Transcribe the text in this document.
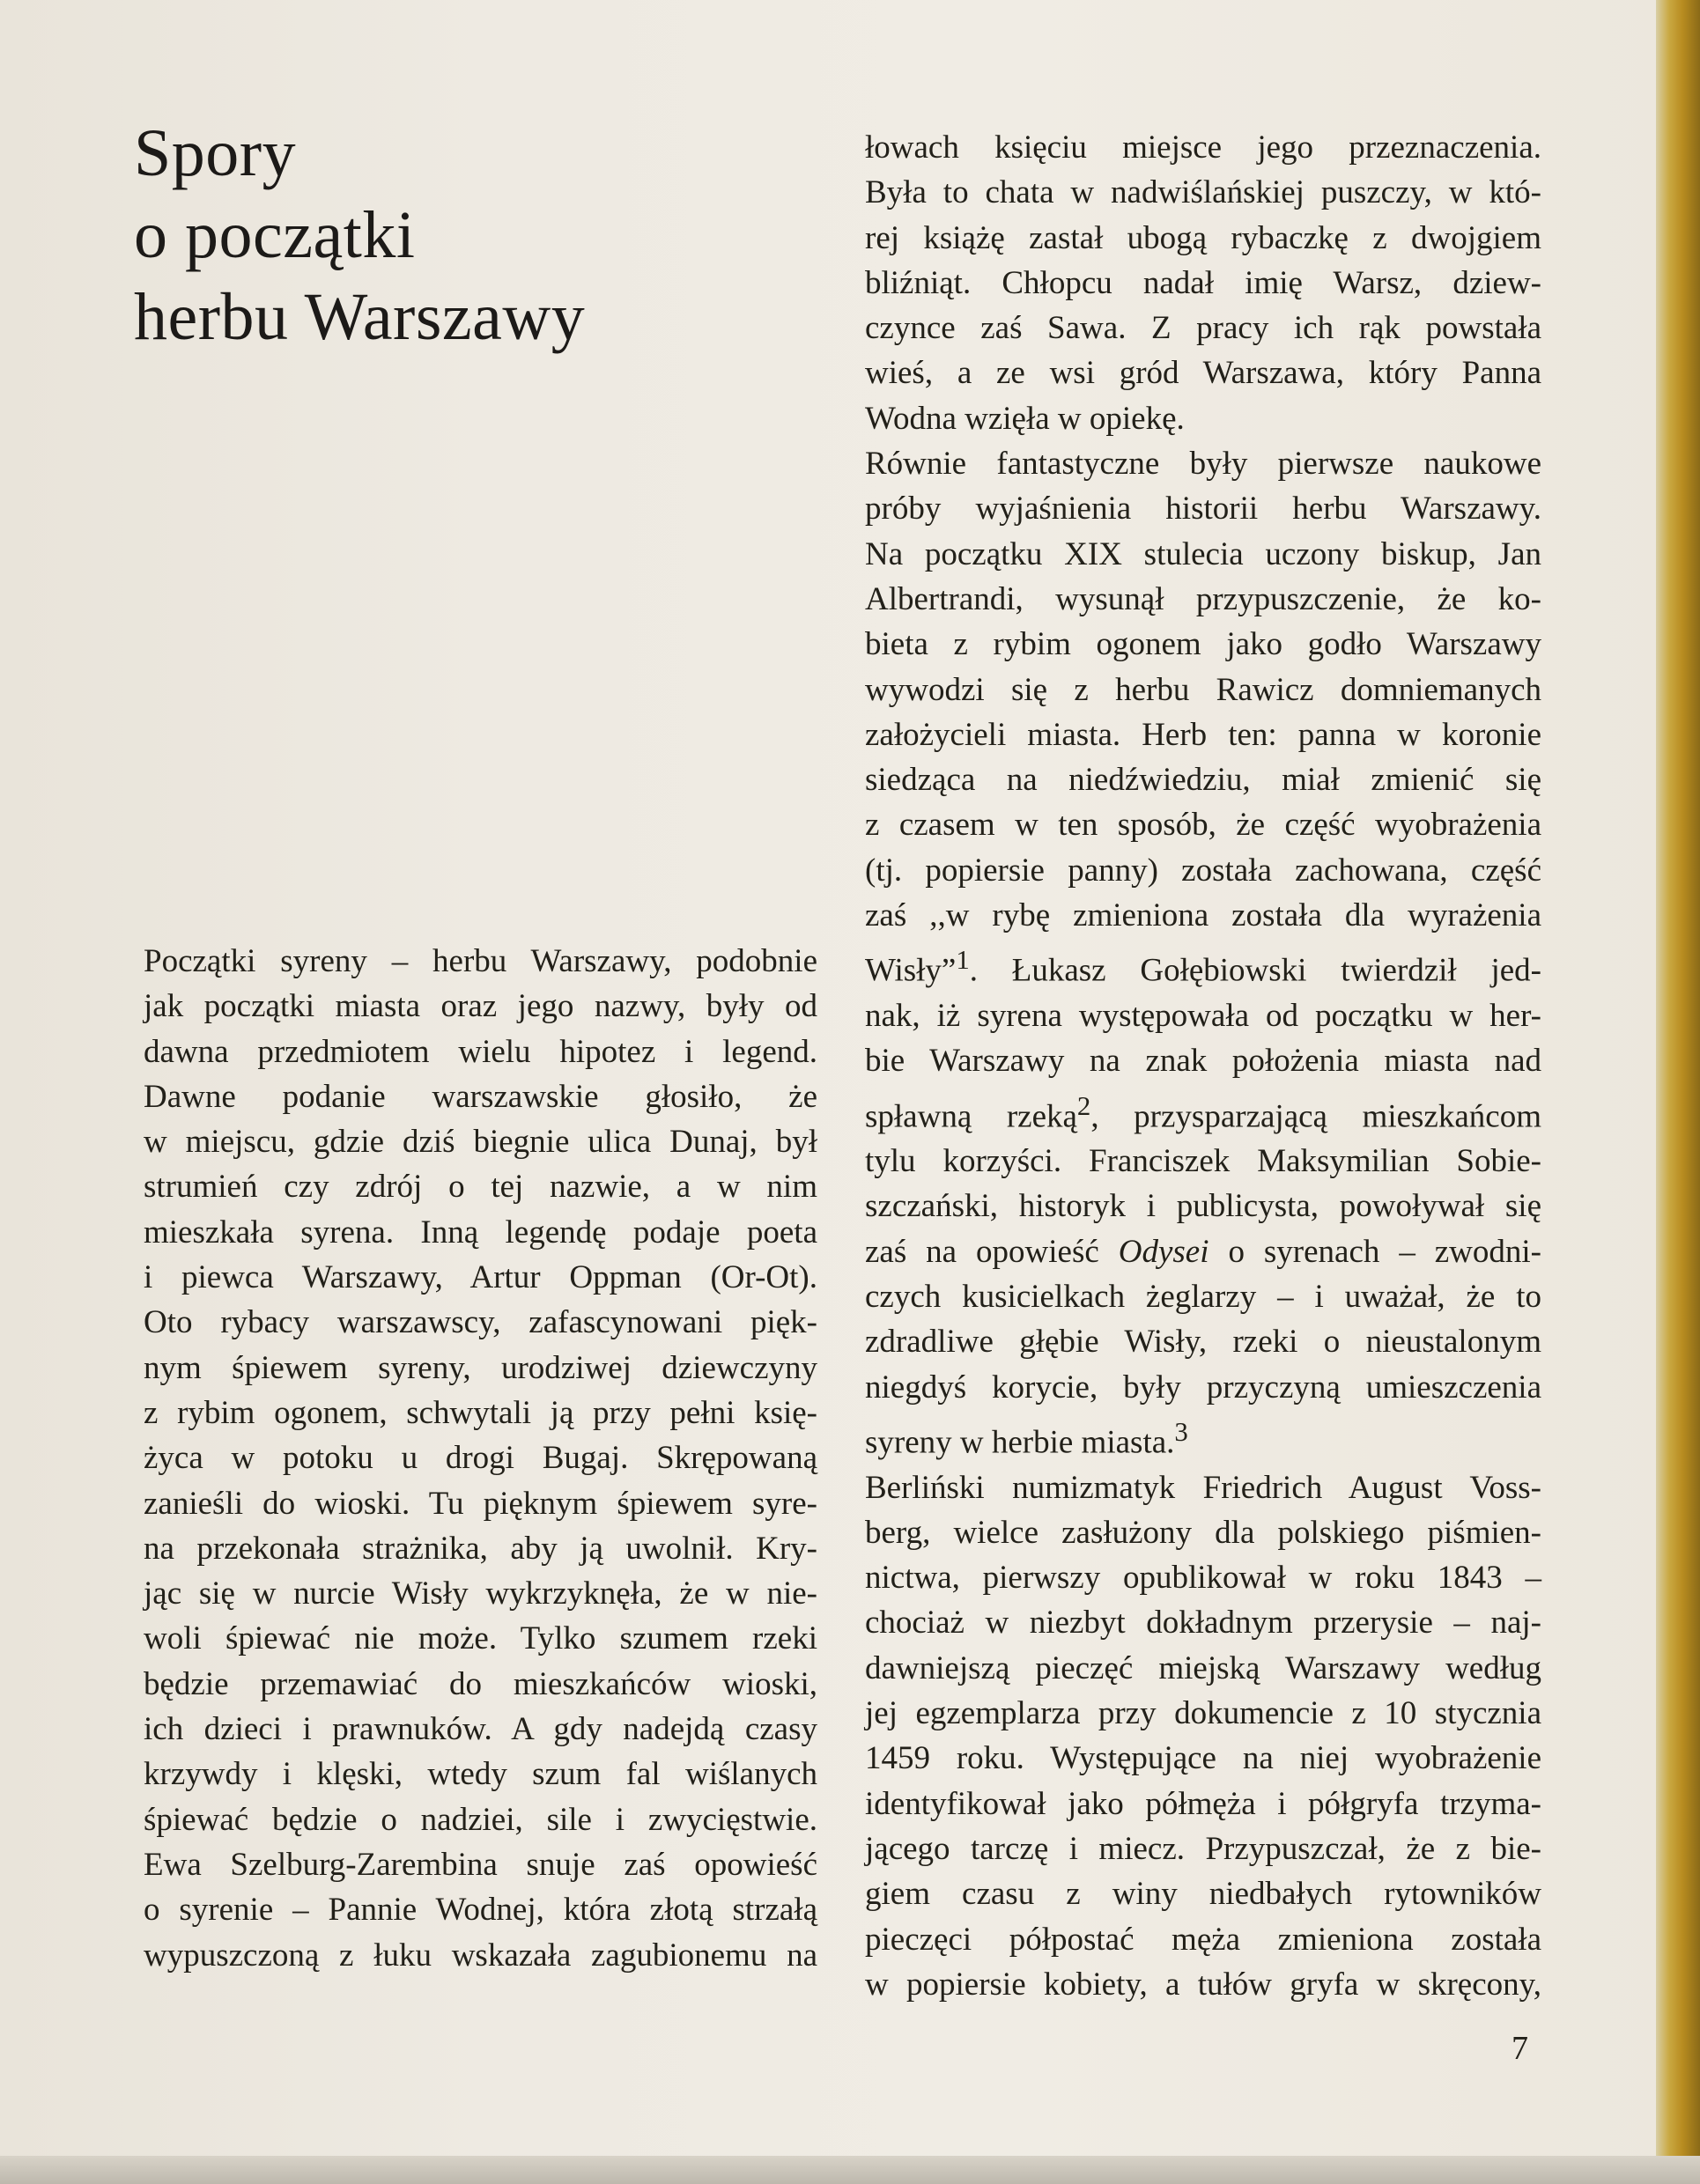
Spory
o początki
herbu Warszawy
Początki syreny – herbu Warszawy, podobnie
jak początki miasta oraz jego nazwy, były od
dawna przedmiotem wielu hipotez i legend.
Dawne podanie warszawskie głosiło, że
w miejscu, gdzie dziś biegnie ulica Dunaj, był
strumień czy zdrój o tej nazwie, a w nim
mieszkała syrena. Inną legendę podaje poeta
i piewca Warszawy, Artur Oppman (Or-Ot).
Oto rybacy warszawscy, zafascynowani pięk-
nym śpiewem syreny, urodziwej dziewczyny
z rybim ogonem, schwytali ją przy pełni księ-
życa w potoku u drogi Bugaj. Skrępowaną
zanieśli do wioski. Tu pięknym śpiewem syre-
na przekonała strażnika, aby ją uwolnił. Kry-
jąc się w nurcie Wisły wykrzyknęła, że w nie-
woli śpiewać nie może. Tylko szumem rzeki
będzie przemawiać do mieszkańców wioski,
ich dzieci i prawnuków. A gdy nadejdą czasy
krzywdy i klęski, wtedy szum fal wiślanych
śpiewać będzie o nadziei, sile i zwycięstwie.
Ewa Szelburg-Zarembina snuje zaś opowieść
o syrenie – Pannie Wodnej, która złotą strzałą
wypuszczoną z łuku wskazała zagubionemu na
łowach księciu miejsce jego przeznaczenia.
Była to chata w nadwiślańskiej puszczy, w któ-
rej książę zastał ubogą rybaczkę z dwojgiem
bliźniąt. Chłopcu nadał imię Warsz, dziew-
czynce zaś Sawa. Z pracy ich rąk powstała
wieś, a ze wsi gród Warszawa, który Panna
Wodna wzięła w opiekę.
Równie fantastyczne były pierwsze naukowe
próby wyjaśnienia historii herbu Warszawy.
Na początku XIX stulecia uczony biskup, Jan
Albertrandi, wysunął przypuszczenie, że ko-
bieta z rybim ogonem jako godło Warszawy
wywodzi się z herbu Rawicz domniemanych
założycieli miasta. Herb ten: panna w koronie
siedząca na niedźwiedziu, miał zmienić się
z czasem w ten sposób, że część wyobrażenia
(tj. popiersie panny) została zachowana, część
zaś ,,w rybę zmieniona została dla wyrażenia
Wisły”$^1$. Łukasz Gołębiowski twierdził jed-
nak, iż syrena występowała od początku w her-
bie Warszawy na znak położenia miasta nad
spławną rzeką$^2$, przysparzającą mieszkańcom
tylu korzyści. Franciszek Maksymilian Sobie-
szczański, historyk i publicysta, powoływał się
zaś na opowieść Odysei o syrenach – zwodni-
czych kusicielkach żeglarzy – i uważał, że to
zdradliwe głębie Wisły, rzeki o nieustalonym
niegdyś korycie, były przyczyną umieszczenia
syreny w herbie miasta.$^3$
Berliński numizmatyk Friedrich August Voss-
berg, wielce zasłużony dla polskiego piśmien-
nictwa, pierwszy opublikował w roku 1843 –
chociaż w niezbyt dokładnym przerysie – naj-
dawniejszą pieczęć miejską Warszawy według
jej egzemplarza przy dokumencie z 10 stycznia
1459 roku. Występujące na niej wyobrażenie
identyfikował jako półmęża i półgryfa trzyma-
jącego tarczę i miecz. Przypuszczał, że z bie-
giem czasu z winy niedbałych rytowników
pieczęci półpostać męża zmieniona została
w popiersie kobiety, a tułów gryfa w skręcony,
7
